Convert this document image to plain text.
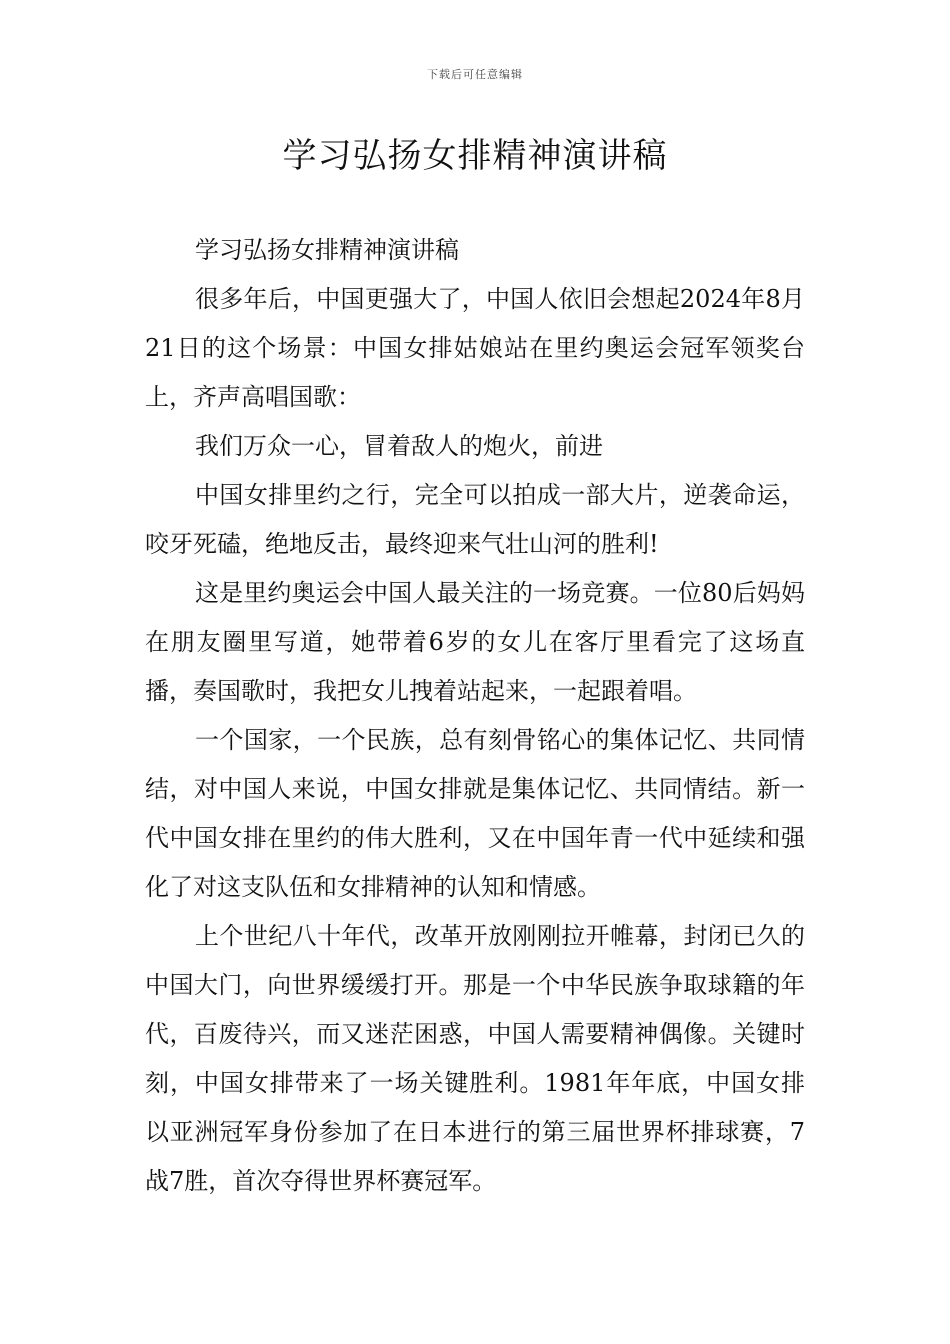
下载后可任意编辑
学习弘扬女排精神演讲稿

学习弘扬女排精神演讲稿

很多年后，中国更强大了，中国人依旧会想起2024年8月21日的这个场景：中国女排姑娘站在里约奥运会冠军领奖台上，齐声高唱国歌：

我们万众一心，冒着敌人的炮火，前进

中国女排里约之行，完全可以拍成一部大片，逆袭命运，咬牙死磕，绝地反击，最终迎来气壮山河的胜利!

这是里约奥运会中国人最关注的一场竞赛。一位80后妈妈在朋友圈里写道，她带着6岁的女儿在客厅里看完了这场直播，奏国歌时，我把女儿拽着站起来，一起跟着唱。

一个国家，一个民族，总有刻骨铭心的集体记忆、共同情结，对中国人来说，中国女排就是集体记忆、共同情结。新一代中国女排在里约的伟大胜利，又在中国年青一代中延续和强化了对这支队伍和女排精神的认知和情感。

上个世纪八十年代，改革开放刚刚拉开帷幕，封闭已久的中国大门，向世界缓缓打开。那是一个中华民族争取球籍的年代，百废待兴，而又迷茫困惑，中国人需要精神偶像。关键时刻，中国女排带来了一场关键胜利。1981年年底，中国女排以亚洲冠军身份参加了在日本进行的第三届世界杯排球赛，7战7胜，首次夺得世界杯赛冠军。
